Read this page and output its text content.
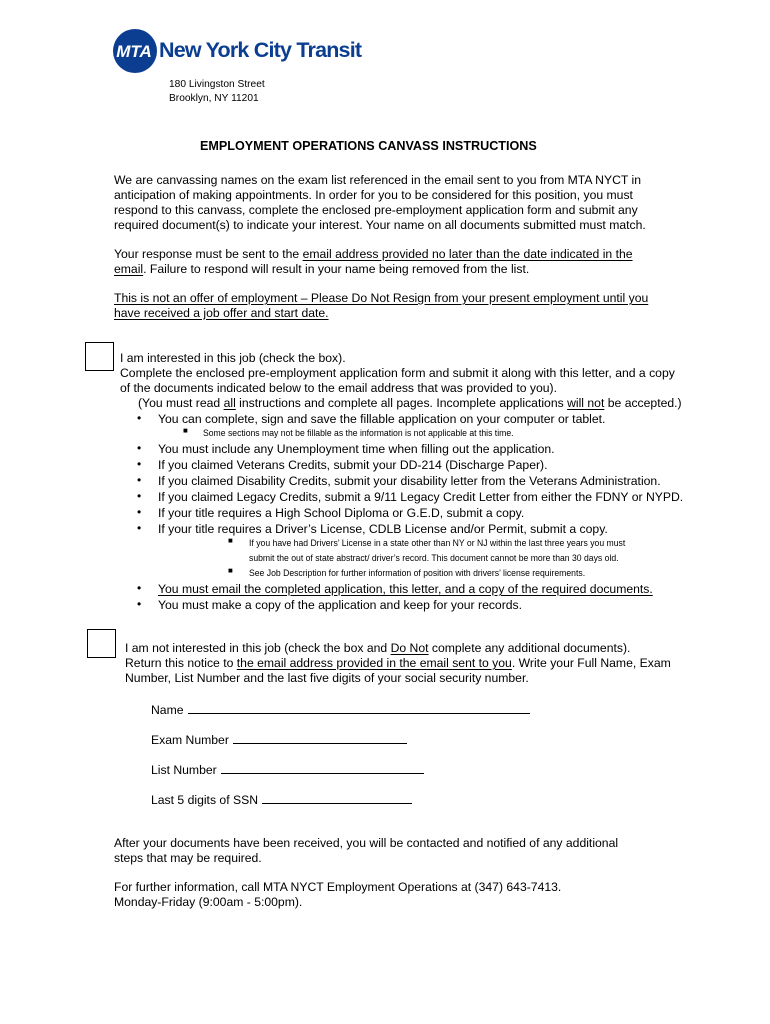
MTA New York City Transit
180 Livingston Street
Brooklyn, NY 11201
EMPLOYMENT OPERATIONS CANVASS INSTRUCTIONS
We are canvassing names on the exam list referenced in the email sent to you from MTA NYCT in
anticipation of making appointments. In order for you to be considered for this position, you must
respond to this canvass, complete the enclosed pre-employment application form and submit any
required document(s) to indicate your interest. Your name on all documents submitted must match.
Your response must be sent to the email address provided no later than the date indicated in the
email. Failure to respond will result in your name being removed from the list.
This is not an offer of employment – Please Do Not Resign from your present employment until you
have received a job offer and start date.
I am interested in this job (check the box).
Complete the enclosed pre-employment application form and submit it along with this letter, and a copy
of the documents indicated below to the email address that was provided to you).
(You must read all instructions and complete all pages. Incomplete applications will not be accepted.)
• You can complete, sign and save the fillable application on your computer or tablet.
■ Some sections may not be fillable as the information is not applicable at this time.
• You must include any Unemployment time when filling out the application.
• If you claimed Veterans Credits, submit your DD-214 (Discharge Paper).
• If you claimed Disability Credits, submit your disability letter from the Veterans Administration.
• If you claimed Legacy Credits, submit a 9/11 Legacy Credit Letter from either the FDNY or NYPD.
• If your title requires a High School Diploma or G.E.D, submit a copy.
• If your title requires a Driver’s License, CDLB License and/or Permit, submit a copy.
■ If you have had Drivers’ License in a state other than NY or NJ within the last three years you must
submit the out of state abstract/ driver’s record. This document cannot be more than 30 days old.
■ See Job Description for further information of position with drivers’ license requirements.
• You must email the completed application, this letter, and a copy of the required documents.
• You must make a copy of the application and keep for your records.
I am not interested in this job (check the box and Do Not complete any additional documents).
Return this notice to the email address provided in the email sent to you. Write your Full Name, Exam
Number, List Number and the last five digits of your social security number.
Name
Exam Number
List Number
Last 5 digits of SSN
After your documents have been received, you will be contacted and notified of any additional
steps that may be required.
For further information, call MTA NYCT Employment Operations at (347) 643-7413.
Monday-Friday (9:00am - 5:00pm).
